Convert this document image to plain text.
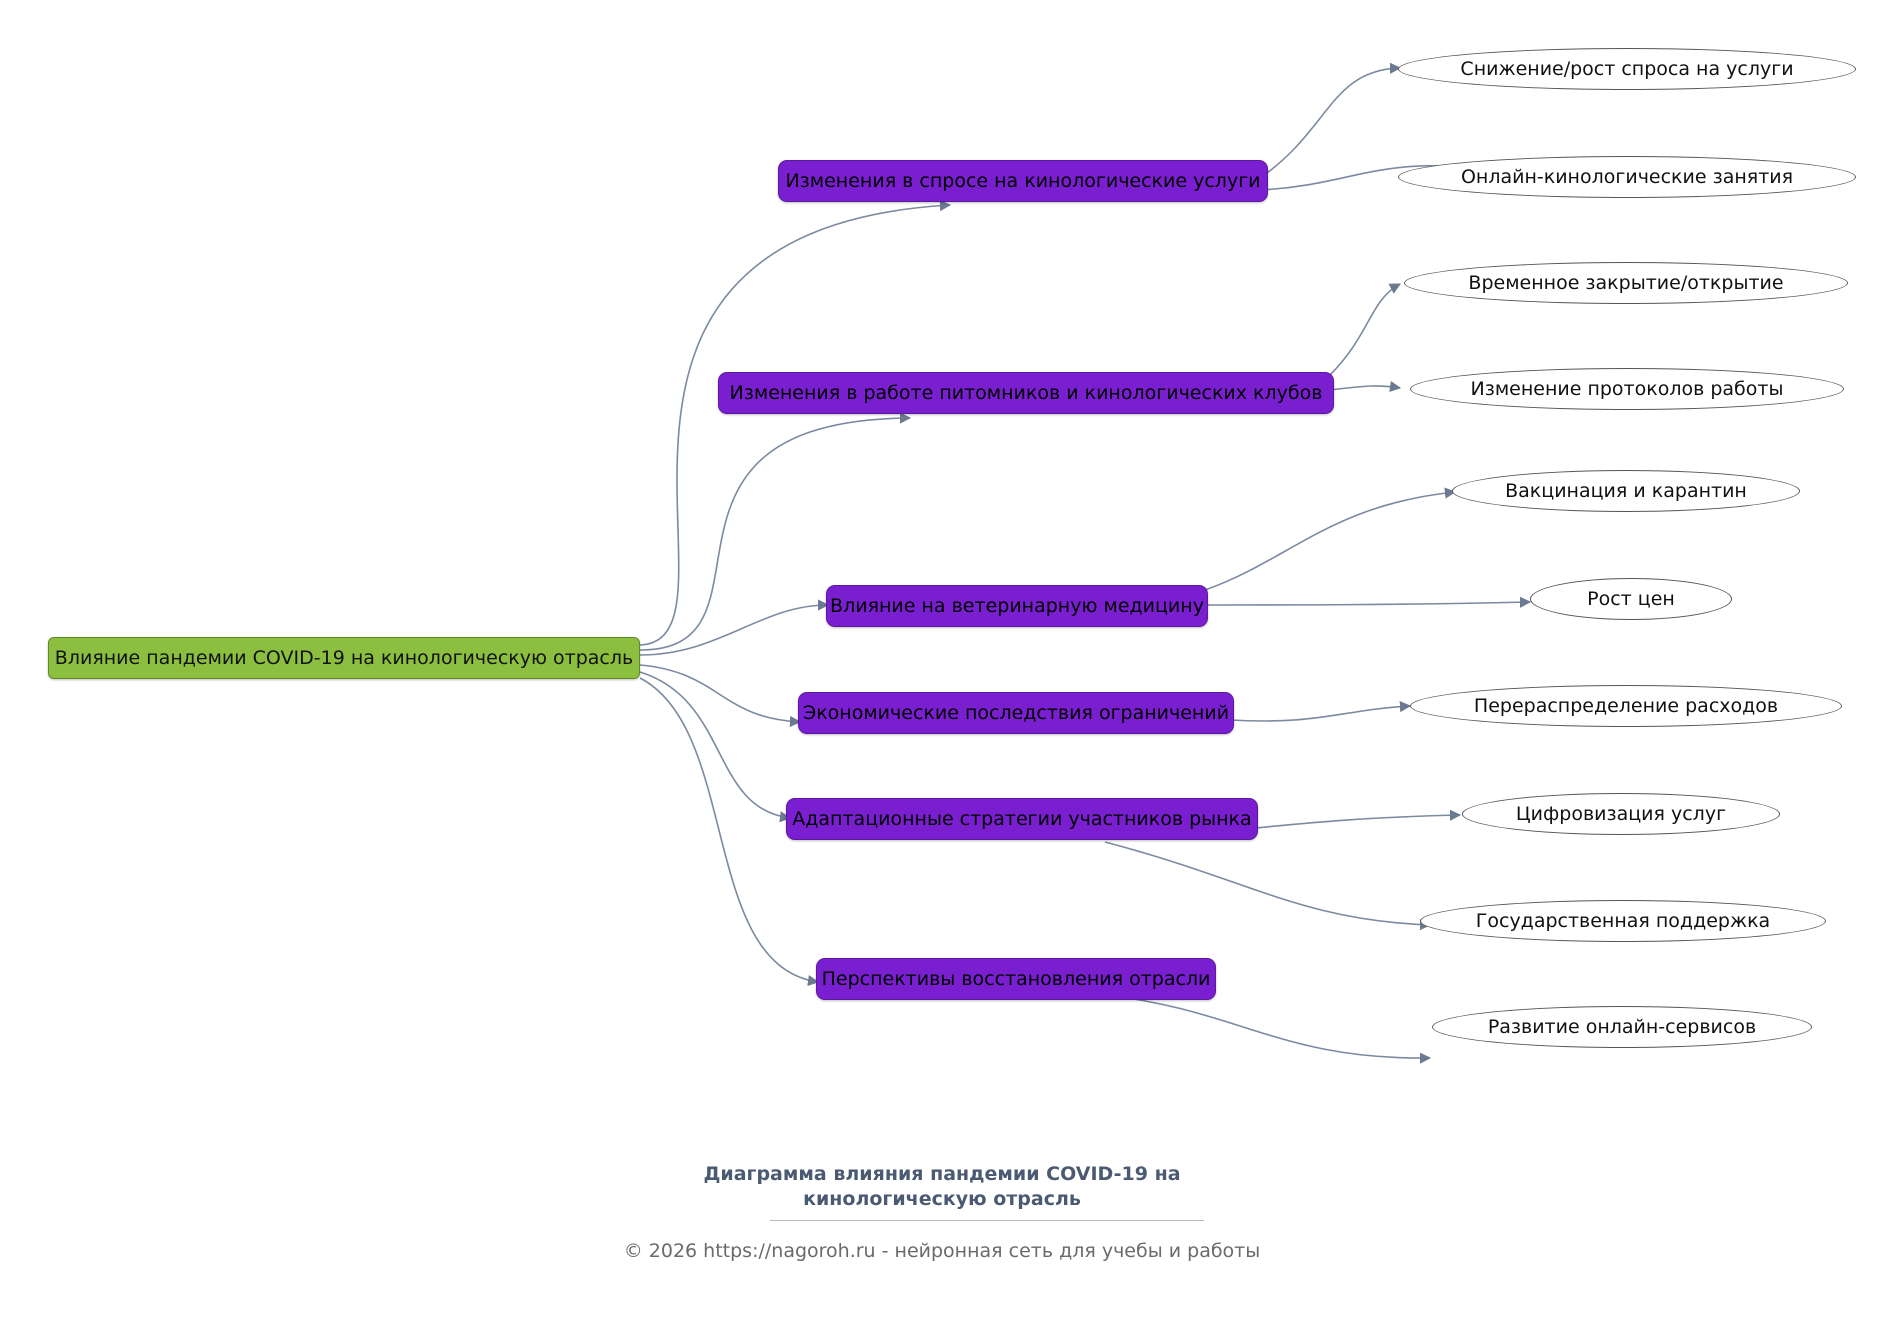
Влияние пандемии COVID-19 на кинологическую отрасль
Изменения в спросе на кинологические услуги
Изменения в работе питомников и кинологических клубов
Влияние на ветеринарную медицину
Экономические последствия ограничений
Адаптационные стратегии участников рынка
Перспективы восстановления отрасли
Снижение/рост спроса на услуги
Онлайн-кинологические занятия
Временное закрытие/открытие
Изменение протоколов работы
Вакцинация и карантин
Рост цен
Перераспределение расходов
Цифровизация услуг
Государственная поддержка
Развитие онлайн-сервисов
Диаграмма влияния пандемии COVID-19 на
кинологическую отрасль
© 2026 https://nagoroh.ru - нейронная сеть для учебы и работы
